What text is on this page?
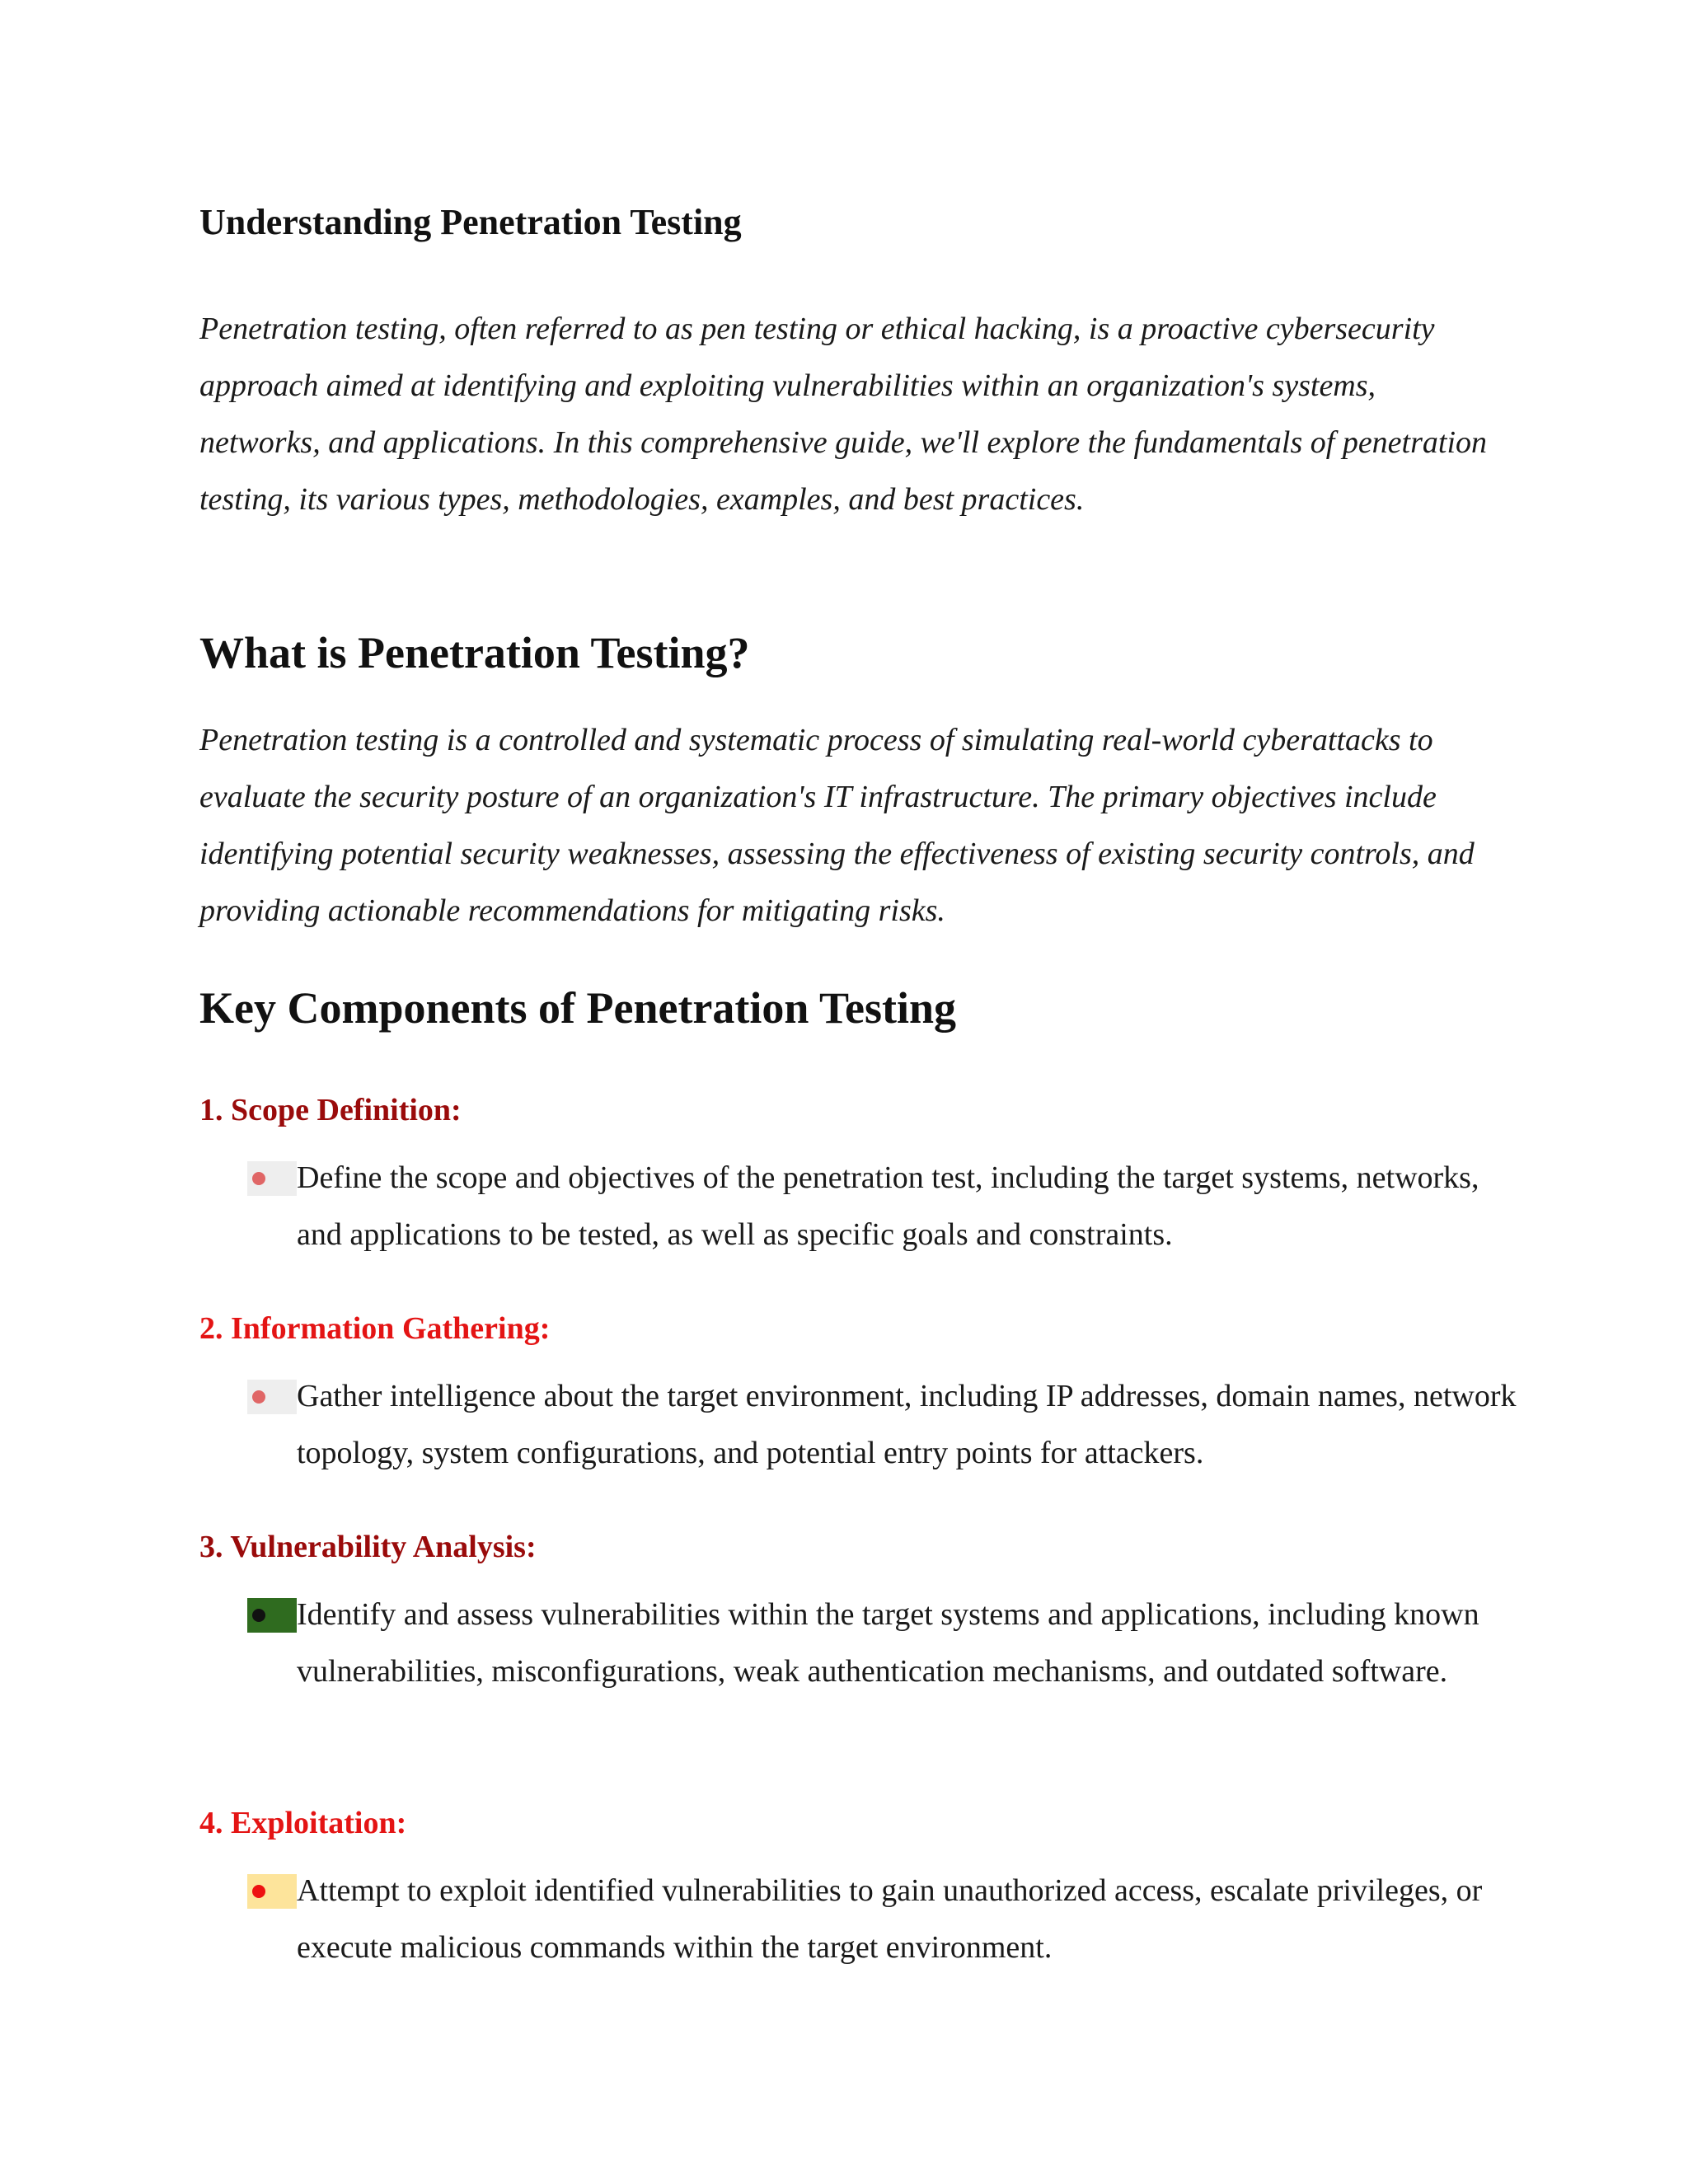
Understanding Penetration Testing

Penetration testing, often referred to as pen testing or ethical hacking, is a proactive cybersecurity approach aimed at identifying and exploiting vulnerabilities within an organization's systems, networks, and applications. In this comprehensive guide, we'll explore the fundamentals of penetration testing, its various types, methodologies, examples, and best practices.

What is Penetration Testing?

Penetration testing is a controlled and systematic process of simulating real-world cyberattacks to evaluate the security posture of an organization's IT infrastructure. The primary objectives include identifying potential security weaknesses, assessing the effectiveness of existing security controls, and providing actionable recommendations for mitigating risks.

Key Components of Penetration Testing
1. Scope Definition:

Define the scope and objectives of the penetration test, including the target systems, networks, and applications to be tested, as well as specific goals and constraints.

2. Information Gathering:

Gather intelligence about the target environment, including IP addresses, domain names, network topology, system configurations, and potential entry points for attackers.

3. Vulnerability Analysis:

Identify and assess vulnerabilities within the target systems and applications, including known vulnerabilities, misconfigurations, weak authentication mechanisms, and outdated software.

4. Exploitation:

Attempt to exploit identified vulnerabilities to gain unauthorized access, escalate privileges, or execute malicious commands within the target environment.
